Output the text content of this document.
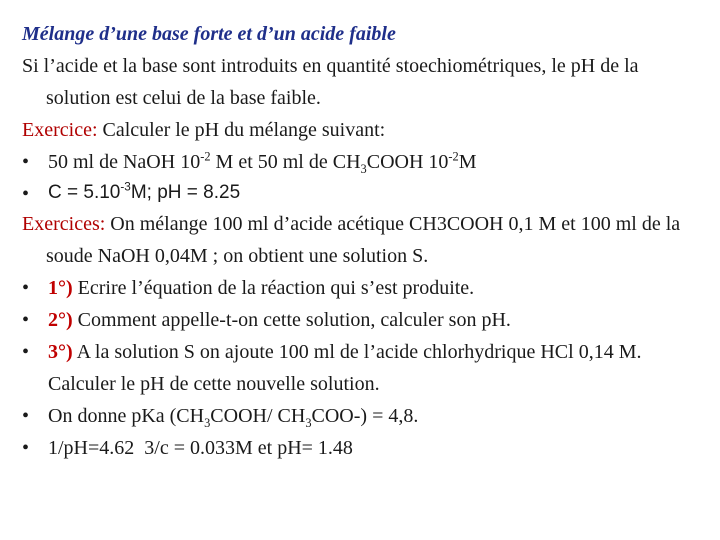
Mélange d’une base forte et d’un acide faible

Si l’acide et la base sont introduits en quantité stoechiométriques, le pH de la solution est celui de la base faible.

Exercice: Calculer le pH du mélange suivant:

• 50 ml de NaOH $10^{-2}$ M et 50 ml de $CH_3COOH$ $10^{-2}M$
• $C = 5.10^{-3}M$; pH = 8.25

Exercices: On mélange 100 ml d’acide acétique CH3COOH 0,1 M et 100 ml de la soude NaOH 0,04M ; on obtient une solution S.

• 1°) Ecrire l’équation de la réaction qui s’est produite.
• 2°) Comment appelle-t-on cette solution, calculer son pH.
• 3°) A la solution S on ajoute 100 ml de l’acide chlorhydrique HCl 0,14 M. Calculer le pH de cette nouvelle solution.
• On donne pKa ($CH_3COOH/$ $CH_3COO-) = 4,8$.
• 1/pH=4.62  3/c = 0.033M et pH= 1.48
